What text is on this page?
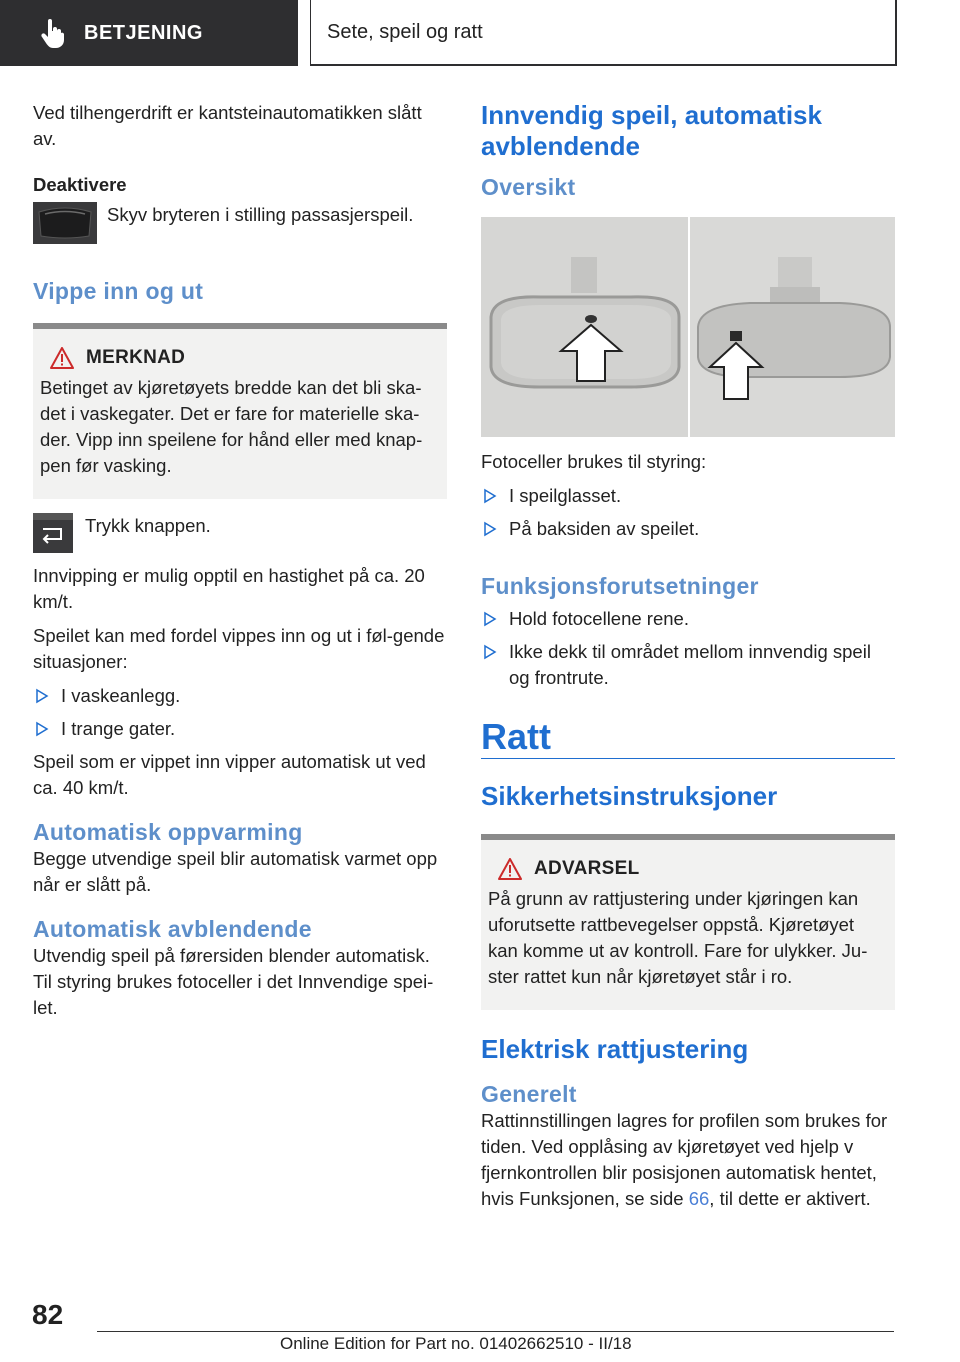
BETJENING	Sete, speil og ratt

Ved tilhengerdrift er kantsteinautomatikken slått av.

Deaktivere

Skyv bryteren i stilling passasjerspeil.

Vippe inn og ut
MERKNAD

Betinget av kjøretøyets bredde kan det bli ska-det i vaskegater. Det er fare for materielle ska-der. Vipp inn speilene for hånd eller med knap-pen før vasking.

Trykk knappen.

Innvipping er mulig opptil en hastighet på ca. 20 km/t.

Speilet kan med fordel vippes inn og ut i føl-gende situasjoner:

I vaskeanlegg.
I trange gater.

Speil som er vippet inn vipper automatisk ut ved ca. 40 km/t.

Automatisk oppvarming

Begge utvendige speil blir automatisk varmet opp når er slått på.

Automatisk avblendende

Utvendig speil på førersiden blender automatisk. Til styring brukes fotoceller i det Innvendige spei-let.

Innvendig speil, automatisk avblendende
Oversikt

Fotoceller brukes til styring:

I speilglasset.
På baksiden av speilet.
Funksjonsforutsetninger
Hold fotocellene rene.
Ikke dekk til området mellom innvendig speil og frontrute.
Ratt
Sikkerhetsinstruksjoner
ADVARSEL

På grunn av rattjustering under kjøringen kan uforutsette rattbevegelser oppstå. Kjøretøyet kan komme ut av kontroll. Fare for ulykker. Ju-ster rattet kun når kjøretøyet står i ro.

Elektrisk rattjustering
Generelt

Rattinnstillingen lagres for profilen som brukes for tiden. Ved opplåsing av kjøretøyet ved hjelp v fjernkontrollen blir posisjonen automatisk hentet, hvis Funksjonen, se side 66, til dette er aktivert.

82
Online Edition for Part no. 01402662510 - II/18
